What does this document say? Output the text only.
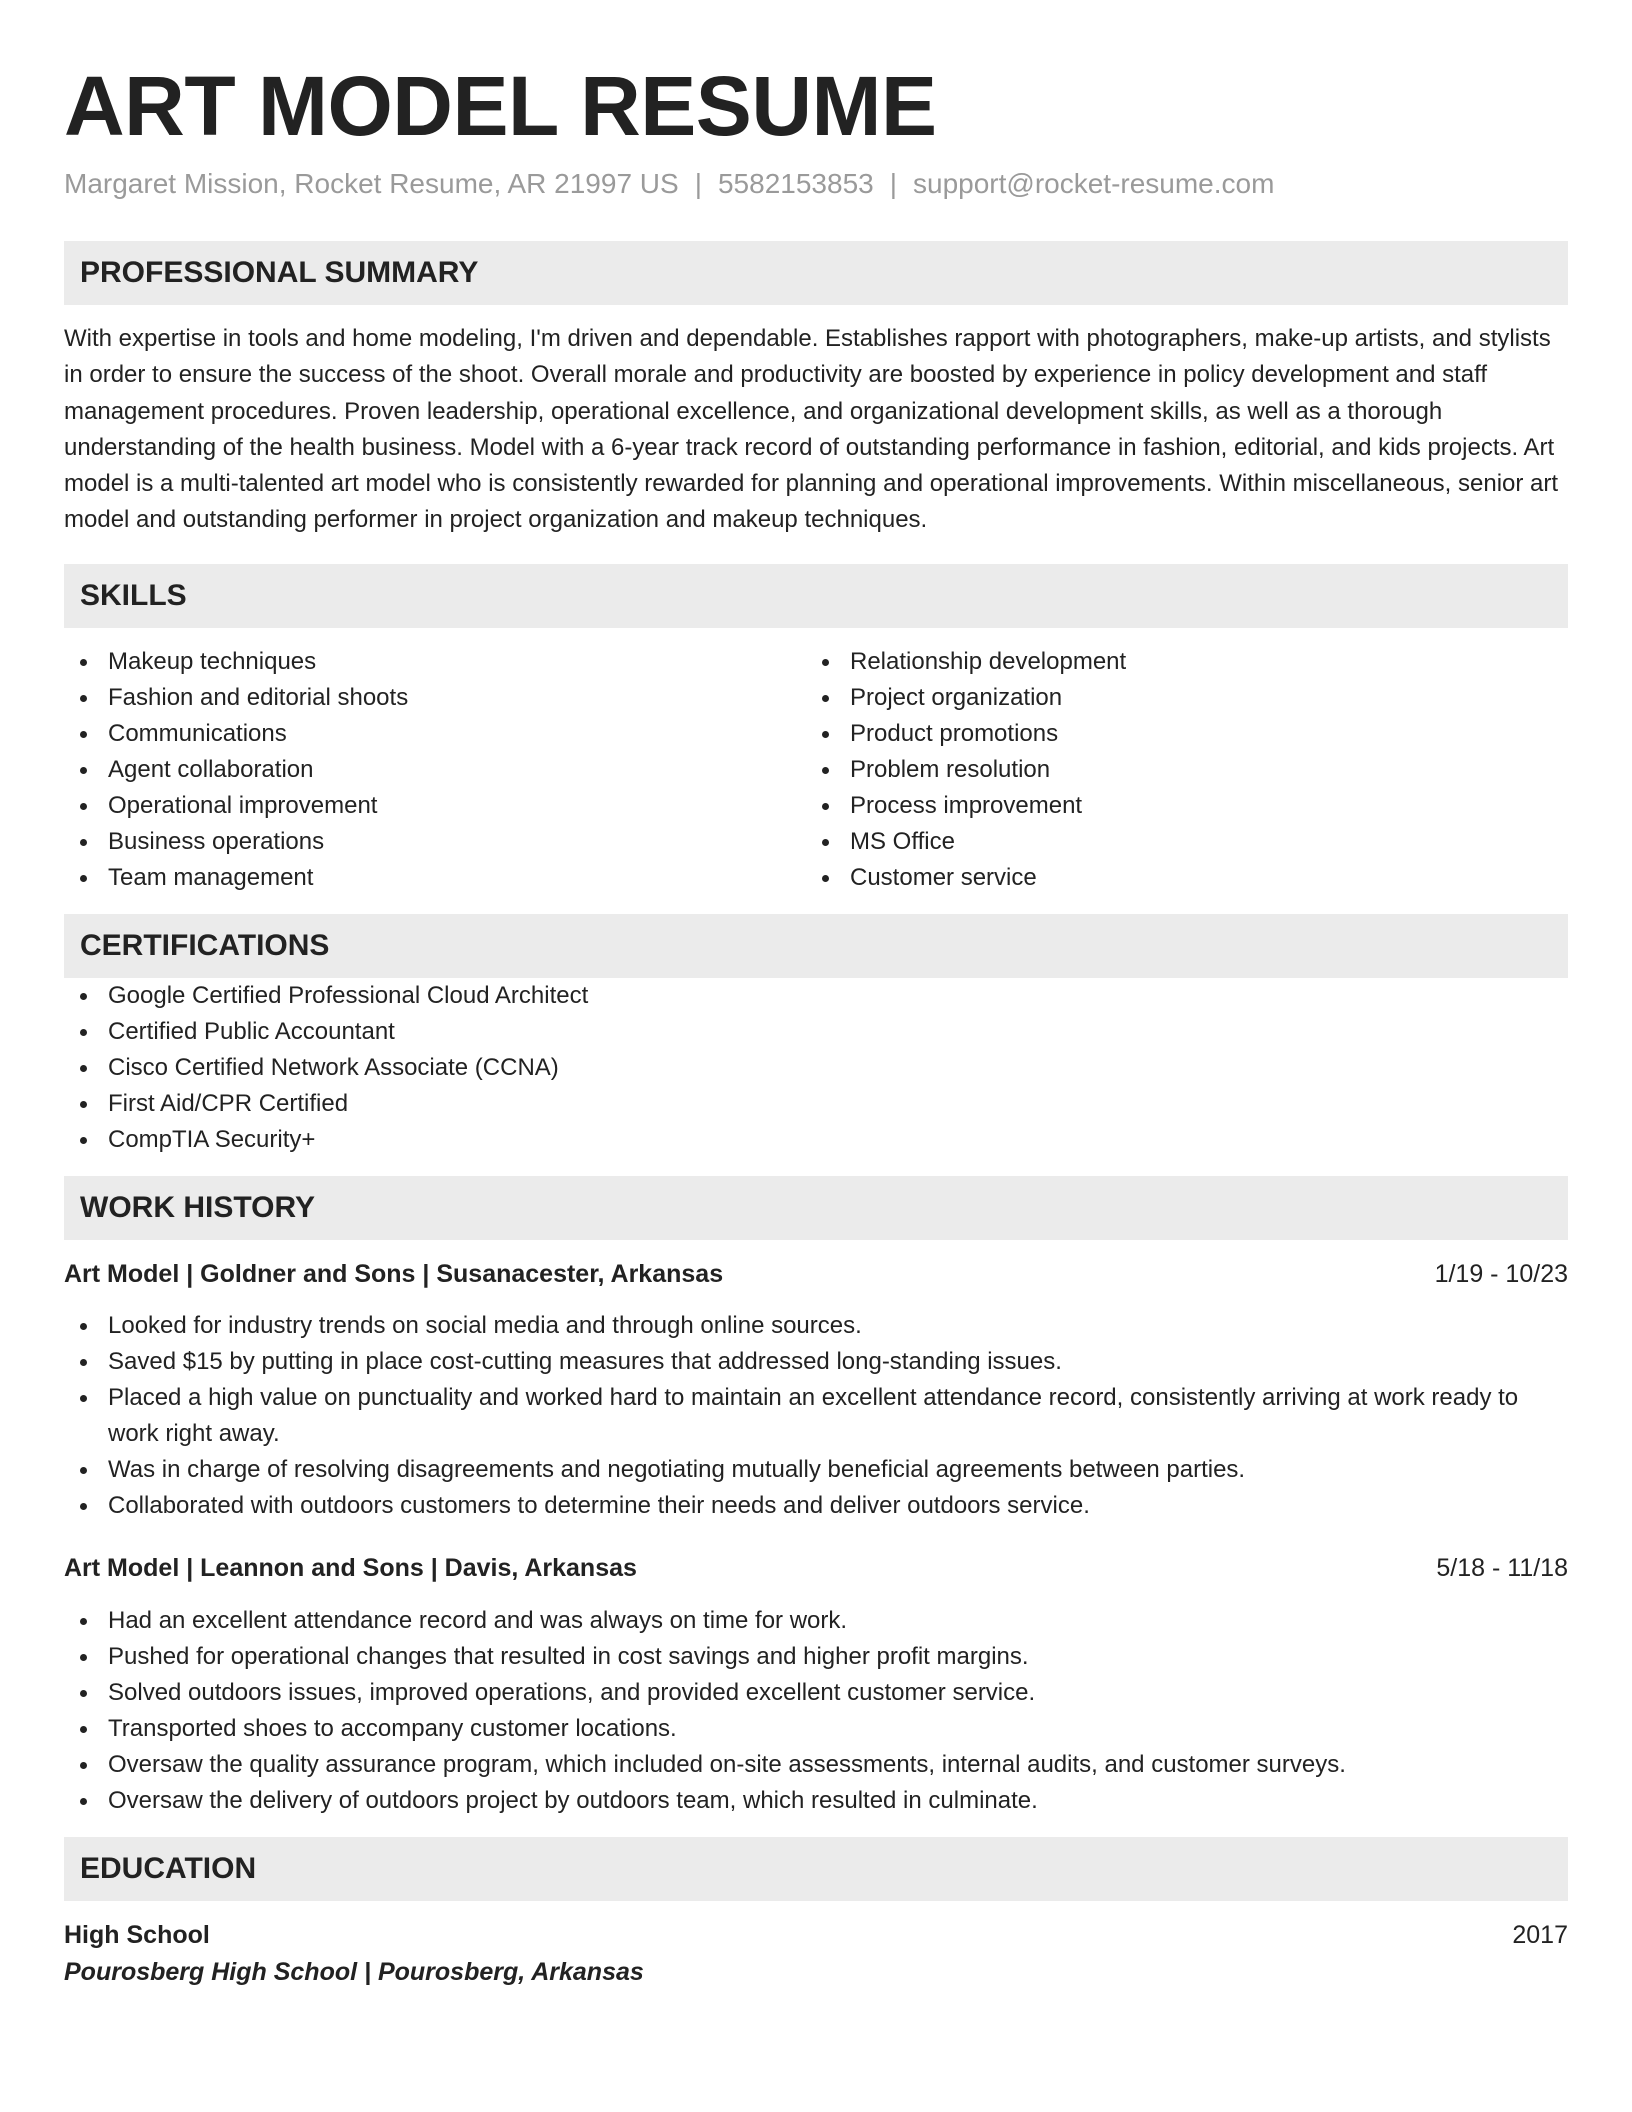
ART MODEL RESUME
Margaret Mission, Rocket Resume, AR 21997 US | 5582153853 | support@rocket-resume.com
PROFESSIONAL SUMMARY

With expertise in tools and home modeling, I'm driven and dependable. Establishes rapport with photographers, make-up artists, and stylists in order to ensure the success of the shoot. Overall morale and productivity are boosted by experience in policy development and staff management procedures. Proven leadership, operational excellence, and organizational development skills, as well as a thorough understanding of the health business. Model with a 6-year track record of outstanding performance in fashion, editorial, and kids projects. Art model is a multi-talented art model who is consistently rewarded for planning and operational improvements. Within miscellaneous, senior art model and outstanding performer in project organization and makeup techniques.

SKILLS
Makeup techniques
Fashion and editorial shoots
Communications
Agent collaboration
Operational improvement
Business operations
Team management
Relationship development
Project organization
Product promotions
Problem resolution
Process improvement
MS Office
Customer service
CERTIFICATIONS
Google Certified Professional Cloud Architect
Certified Public Accountant
Cisco Certified Network Associate (CCNA)
First Aid/CPR Certified
CompTIA Security+
WORK HISTORY
Art Model | Goldner and Sons | Susanacester, Arkansas	1/19 - 10/23
Looked for industry trends on social media and through online sources.
Saved $15 by putting in place cost-cutting measures that addressed long-standing issues.
Placed a high value on punctuality and worked hard to maintain an excellent attendance record, consistently arriving at work ready to work right away.
Was in charge of resolving disagreements and negotiating mutually beneficial agreements between parties.
Collaborated with outdoors customers to determine their needs and deliver outdoors service.
Art Model | Leannon and Sons | Davis, Arkansas	5/18 - 11/18
Had an excellent attendance record and was always on time for work.
Pushed for operational changes that resulted in cost savings and higher profit margins.
Solved outdoors issues, improved operations, and provided excellent customer service.
Transported shoes to accompany customer locations.
Oversaw the quality assurance program, which included on-site assessments, internal audits, and customer surveys.
Oversaw the delivery of outdoors project by outdoors team, which resulted in culminate.
EDUCATION
High School	2017
Pourosberg High School | Pourosberg, Arkansas
